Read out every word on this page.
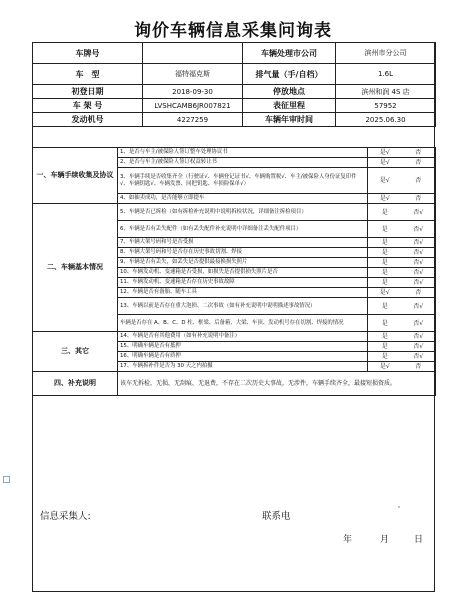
询价车辆信息采集问询表
车牌号		车辆处理市公司	滨州市分公司
车　型	福特福克斯	排气量（手/自档）	1.6L
初登日期	2018-09-30	停放地点	滨州和润 4S 店
车 架 号	LVSHCAMB6JR007821	表征里程	57952
发动机号	4227259	车辆年审时间	2025.06.30
一、车辆手续收集及协议	1、是否与车主/被保险人签订整车处理协议书	是√	否
	2、是否与车主/被保险人签订权益转让书	是√	否
	3、车辆手续是否收集齐全（行驶证√、车辆登记证书√、车辆购置税√、车主/被保险人身份证复印件√、车辆钥匙√、车辆发票、同把钥匙、车损险保单√）	是√	否
	4、如抽卖成功，是否能够立即提车	是√	否
二、车辆基本情况	5、车辆是否已拆检（如有拆检补充说明中说明拆检状况，详细备注拆检项目）	是	否√
	6、车辆是否有丢失配件（如有丢失配件补充说明中详细备注丢失配件项目）	是	否√
	7、车辆大架号码和号是否受损	是	否√
	8、车辆大架号码和号是否存在历史事故切割、焊接	是	否√
	9、车辆是否有丢失，如丢失是否提供最接换损失照片	是	否√
	10、车辆发动机、变速箱是否受损，如损失是否提供损失照片是否	是	否√
	11、车辆发动机、变速箱是否存在历史事故故障	是	否√
	12、车辆是否有备胎、随车工具	是√	否
	13、车辆以前是否存在重大泡损、二次事故（如有补充说明中说明描述事故情况）	是	否√
	车辆是否存在 A、B、C、D 柱、框梁、后备箱、大梁、车顶、发动机号存在切割、焊接的情况	是	否√
三、其它	14、车辆是否有其他费用（如有补充说明中备注）	是	否√
	15、明确车辆是否有抵押	是	否√
	16、明确车辆是否有质押	是	否√
	17、车辆拆补件是否为 30 天之内拍摄	是√	否
四、补充说明	该车无拆检，无损，无刮痕，无退费，不存在二次历史大事故，无涉件，车辆手续齐全，最接短损资质。		
信息采集人:	联系电
'
年	月	日
